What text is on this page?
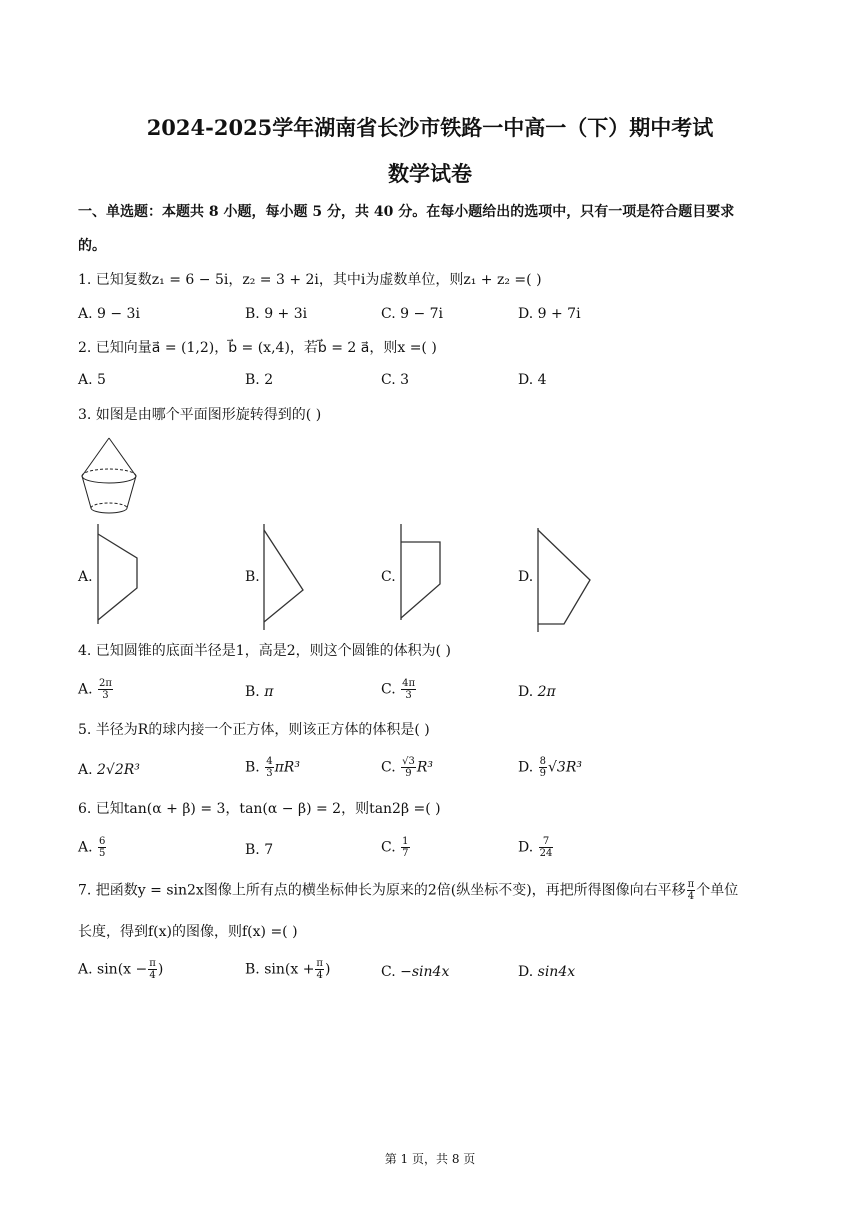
2024-2025学年湖南省长沙市铁路一中高一（下）期中考试
数学试卷
一、单选题：本题共 8 小题，每小题 5 分，共 40 分。在每小题给出的选项中，只有一项是符合题目要求
的。
1. 已知复数z₁ = 6 − 5i，z₂ = 3 + 2i，其中i为虚数单位，则z₁ + z₂ =( )
A. 9 − 3i	B. 9 + 3i	C. 9 − 7i	D. 9 + 7i
2. 已知向量a⃗ = (1,2)，b⃗ = (x,4)，若b⃗ = 2 a⃗，则x =( )
A. 5	B. 2	C. 3	D. 4
3. 如图是由哪个平面图形旋转得到的( )
A.	B.	C.	D.
4. 已知圆锥的底面半径是1，高是2，则这个圆锥的体积为( )
A. $\frac{2\pi}{3}$	B. π	C. $\frac{4\pi}{3}$	D. 2π
5. 半径为R的球内接一个正方体，则该正方体的体积是( )
A. 2√2R³	B. $\frac{4}{3} \pi R^3$	C. $\frac{√3}{9} R^3$	D. $\frac{8}{9} √3R^3$
6. 已知tan(α + β) = 3，tan(α − β) = 2，则tan2β =( )
A. $\frac{6}{5}$	B. 7	C. $\frac{1}{7}$	D. $\frac{7}{24}$
7. 把函数y = sin2x图像上所有点的横坐标伸长为原来的2倍(纵坐标不变)，再把所得图像向右平移 $\frac{\pi}{4}$ 个单位
长度，得到f(x)的图像，则f(x) =( )
A. $\sin(x - \frac{\pi}{4}$ )	B. $\sin(x + \frac{\pi}{4}$ )	C. −sin4x	D. sin4x
第 1 页，共 8 页
